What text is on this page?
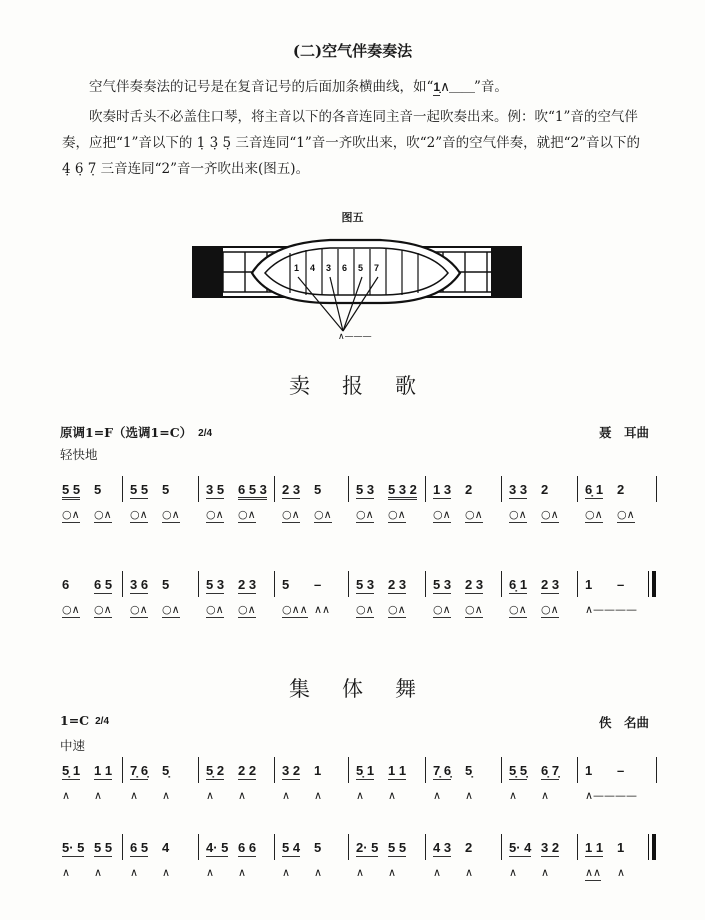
(二)空气伴奏奏法
空气伴奏奏法的记号是在复音记号的后面加条横曲线，如“1̣∧＿＿”音。
吹奏时舌头不必盖住口琴，将主音以下的各音连同主音一起吹奏出来。例：吹“1”音的空气伴奏，应把“1”音以下的 1̣ 3̣ 5̣ 三音连同“1”音一齐吹出来，吹“2”音的空气伴奏，就把“2”音以下的 4̣ 6̣ 7̣ 三音连同“2”音一齐吹出来(图五)。
图五
1 4 3 6 5 7
∧———
卖报歌
原调1=F（选调1=C） 2/4	聂　耳曲
轻快地
5 5 5
○∧ ○∧
5 5 5
○∧ ○∧
3 5 6 5 3
○∧ ○∧
2 3 5
○∧ ○∧
5 3 5 3 2
○∧ ○∧
1 3 2
○∧ ○∧
3 3 2
○∧ ○∧
6̣ 1 2
○∧ ○∧
6 6 5
○∧ ○∧
3 6 5
○∧ ○∧
5 3 2 3
○∧ ○∧
5 –
○∧∧ ∧∧
5 3 2 3
○∧ ○∧
5 3 2 3
○∧ ○∧
6̣ 1 2 3
○∧ ○∧
1 –
∧————
集体舞
1=C 2/4	佚　名曲
中速
5̣ 1 1 1
∧ ∧
7̣ 6̣ 5̣
∧ ∧
5̣ 2 2 2
∧ ∧
3 2 1
∧ ∧
5̣ 1 1 1
∧ ∧
7̣ 6̣ 5̣
∧ ∧
5̣ 5̣ 6̣ 7̣
∧ ∧
1 –
∧————
5· 5 5 5
∧ ∧
6 5 4
∧ ∧
4· 5 6 6
∧ ∧
5 4 5
∧ ∧
2· 5 5 5
∧ ∧
4 3 2
∧ ∧
5· 4 3 2
∧ ∧
1 1 1
∧∧ ∧
